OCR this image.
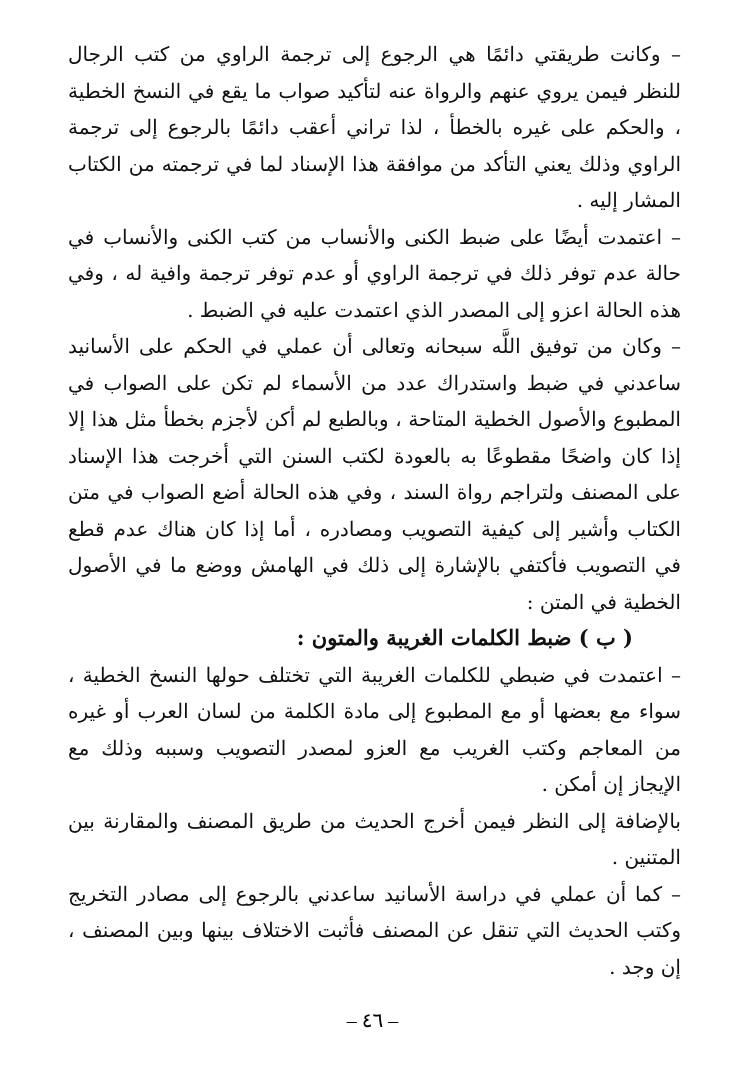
– وكانت طريقتي دائمًا هي الرجوع إلى ترجمة الراوي من كتب الرجال للنظر فيمن يروي عنهم والرواة عنه لتأكيد صواب ما يقع في النسخ الخطية ، والحكم على غيره بالخطأ ، لذا تراني أعقب دائمًا بالرجوع إلى ترجمة الراوي وذلك يعني التأكد من موافقة هذا الإسناد لما في ترجمته من الكتاب المشار إليه .

– اعتمدت أيضًا على ضبط الكنى والأنساب من كتب الكنى والأنساب في حالة عدم توفر ذلك في ترجمة الراوي أو عدم توفر ترجمة وافية له ، وفي هذه الحالة اعزو إلى المصدر الذي اعتمدت عليه في الضبط .

– وكان من توفيق اللَّه سبحانه وتعالى أن عملي في الحكم على الأسانيد ساعدني في ضبط واستدراك عدد من الأسماء لم تكن على الصواب في المطبوع والأصول الخطية المتاحة ، وبالطبع لم أكن لأجزم بخطأ مثل هذا إلا إذا كان واضحًا مقطوعًا به بالعودة لكتب السنن التي أخرجت هذا الإسناد على المصنف ولتراجم رواة السند ، وفي هذه الحالة أضع الصواب في متن الكتاب وأشير إلى كيفية التصويب ومصادره ، أما إذا كان هناك عدم قطع في التصويب فأكتفي بالإشارة إلى ذلك في الهامش ووضع ما في الأصول الخطية في المتن :

( ب ) ضبط الكلمات الغريبة والمتون :

– اعتمدت في ضبطي للكلمات الغريبة التي تختلف حولها النسخ الخطية ، سواء مع بعضها أو مع المطبوع إلى مادة الكلمة من لسان العرب أو غيره من المعاجم وكتب الغريب مع العزو لمصدر التصويب وسببه وذلك مع الإيجاز إن أمكن .

بالإضافة إلى النظر فيمن أخرج الحديث من طريق المصنف والمقارنة بين المتنين .

– كما أن عملي في دراسة الأسانيد ساعدني بالرجوع إلى مصادر التخريج وكتب الحديث التي تنقل عن المصنف فأثبت الاختلاف بينها وبين المصنف ، إن وجد .

– ٤٦ –
